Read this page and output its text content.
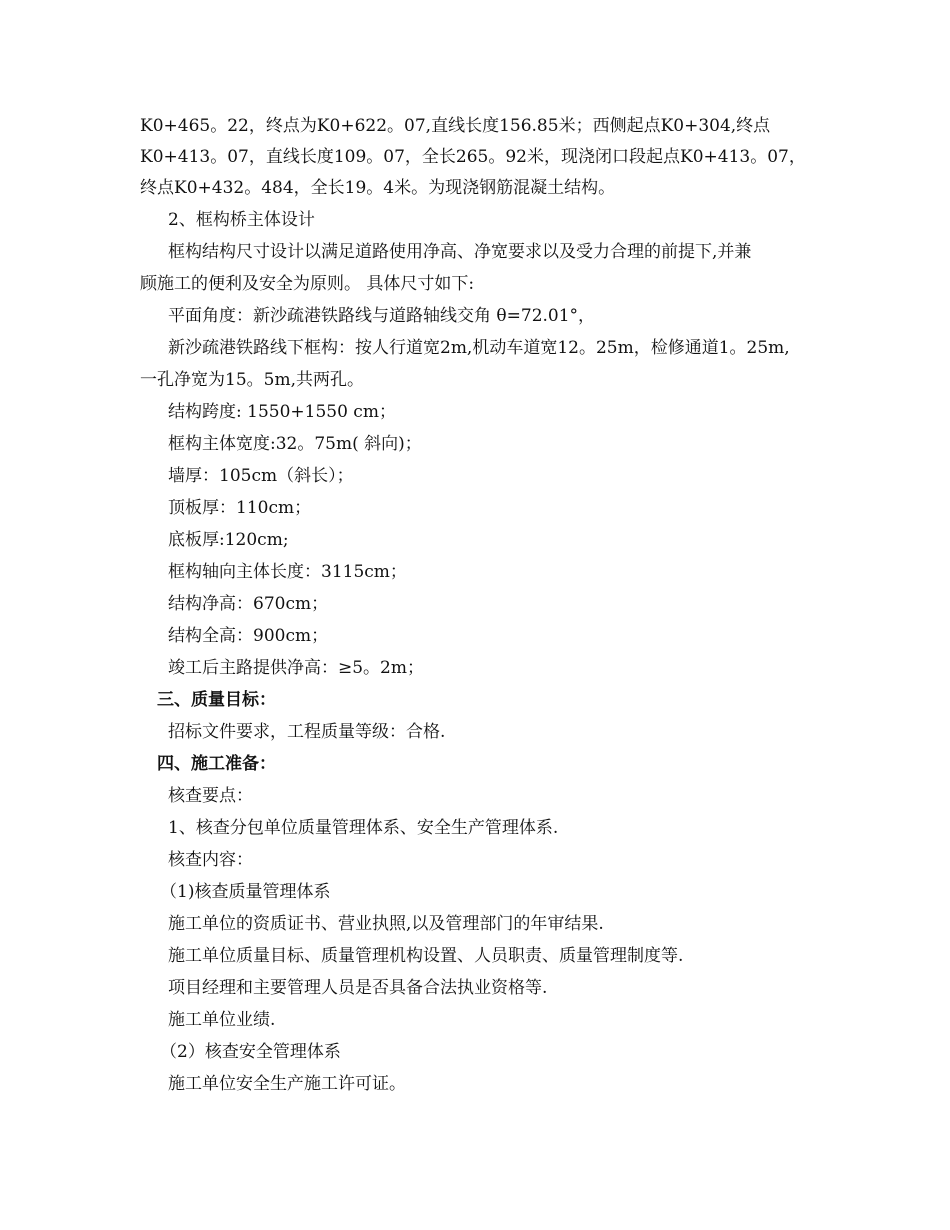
K0+465。22，终点为K0+622。07,直线长度156.85米；西侧起点K0+304,终点
K0+413。07，直线长度109。07，全长265。92米，现浇闭口段起点K0+413。07，
终点K0+432。484，全长19。4米。为现浇钢筋混凝土结构。
2、框构桥主体设计
框构结构尺寸设计以满足道路使用净高、净宽要求以及受力合理的前提下,并兼
顾施工的便利及安全为原则。 具体尺寸如下:
平面角度：新沙疏港铁路线与道路轴线交角 θ=72.01°，
新沙疏港铁路线下框构：按人行道宽2m,机动车道宽12。25m，检修通道1。25m,
一孔净宽为15。5m,共两孔。
结构跨度: 1550+1550 cm；
框构主体宽度:32。75m( 斜向)；
墙厚：105cm（斜长）；
顶板厚：110cm；
底板厚:120cm;
框构轴向主体长度：3115cm；
结构净高：670cm；
结构全高：900cm；
竣工后主路提供净高：≥5。2m；
三、质量目标：
招标文件要求，工程质量等级：合格.
四、施工准备：
核查要点：
1、核查分包单位质量管理体系、安全生产管理体系.
核查内容：
（1)核查质量管理体系
施工单位的资质证书、营业执照,以及管理部门的年审结果.
施工单位质量目标、质量管理机构设置、人员职责、质量管理制度等.
项目经理和主要管理人员是否具备合法执业资格等.
施工单位业绩.
（2）核查安全管理体系
施工单位安全生产施工许可证。
